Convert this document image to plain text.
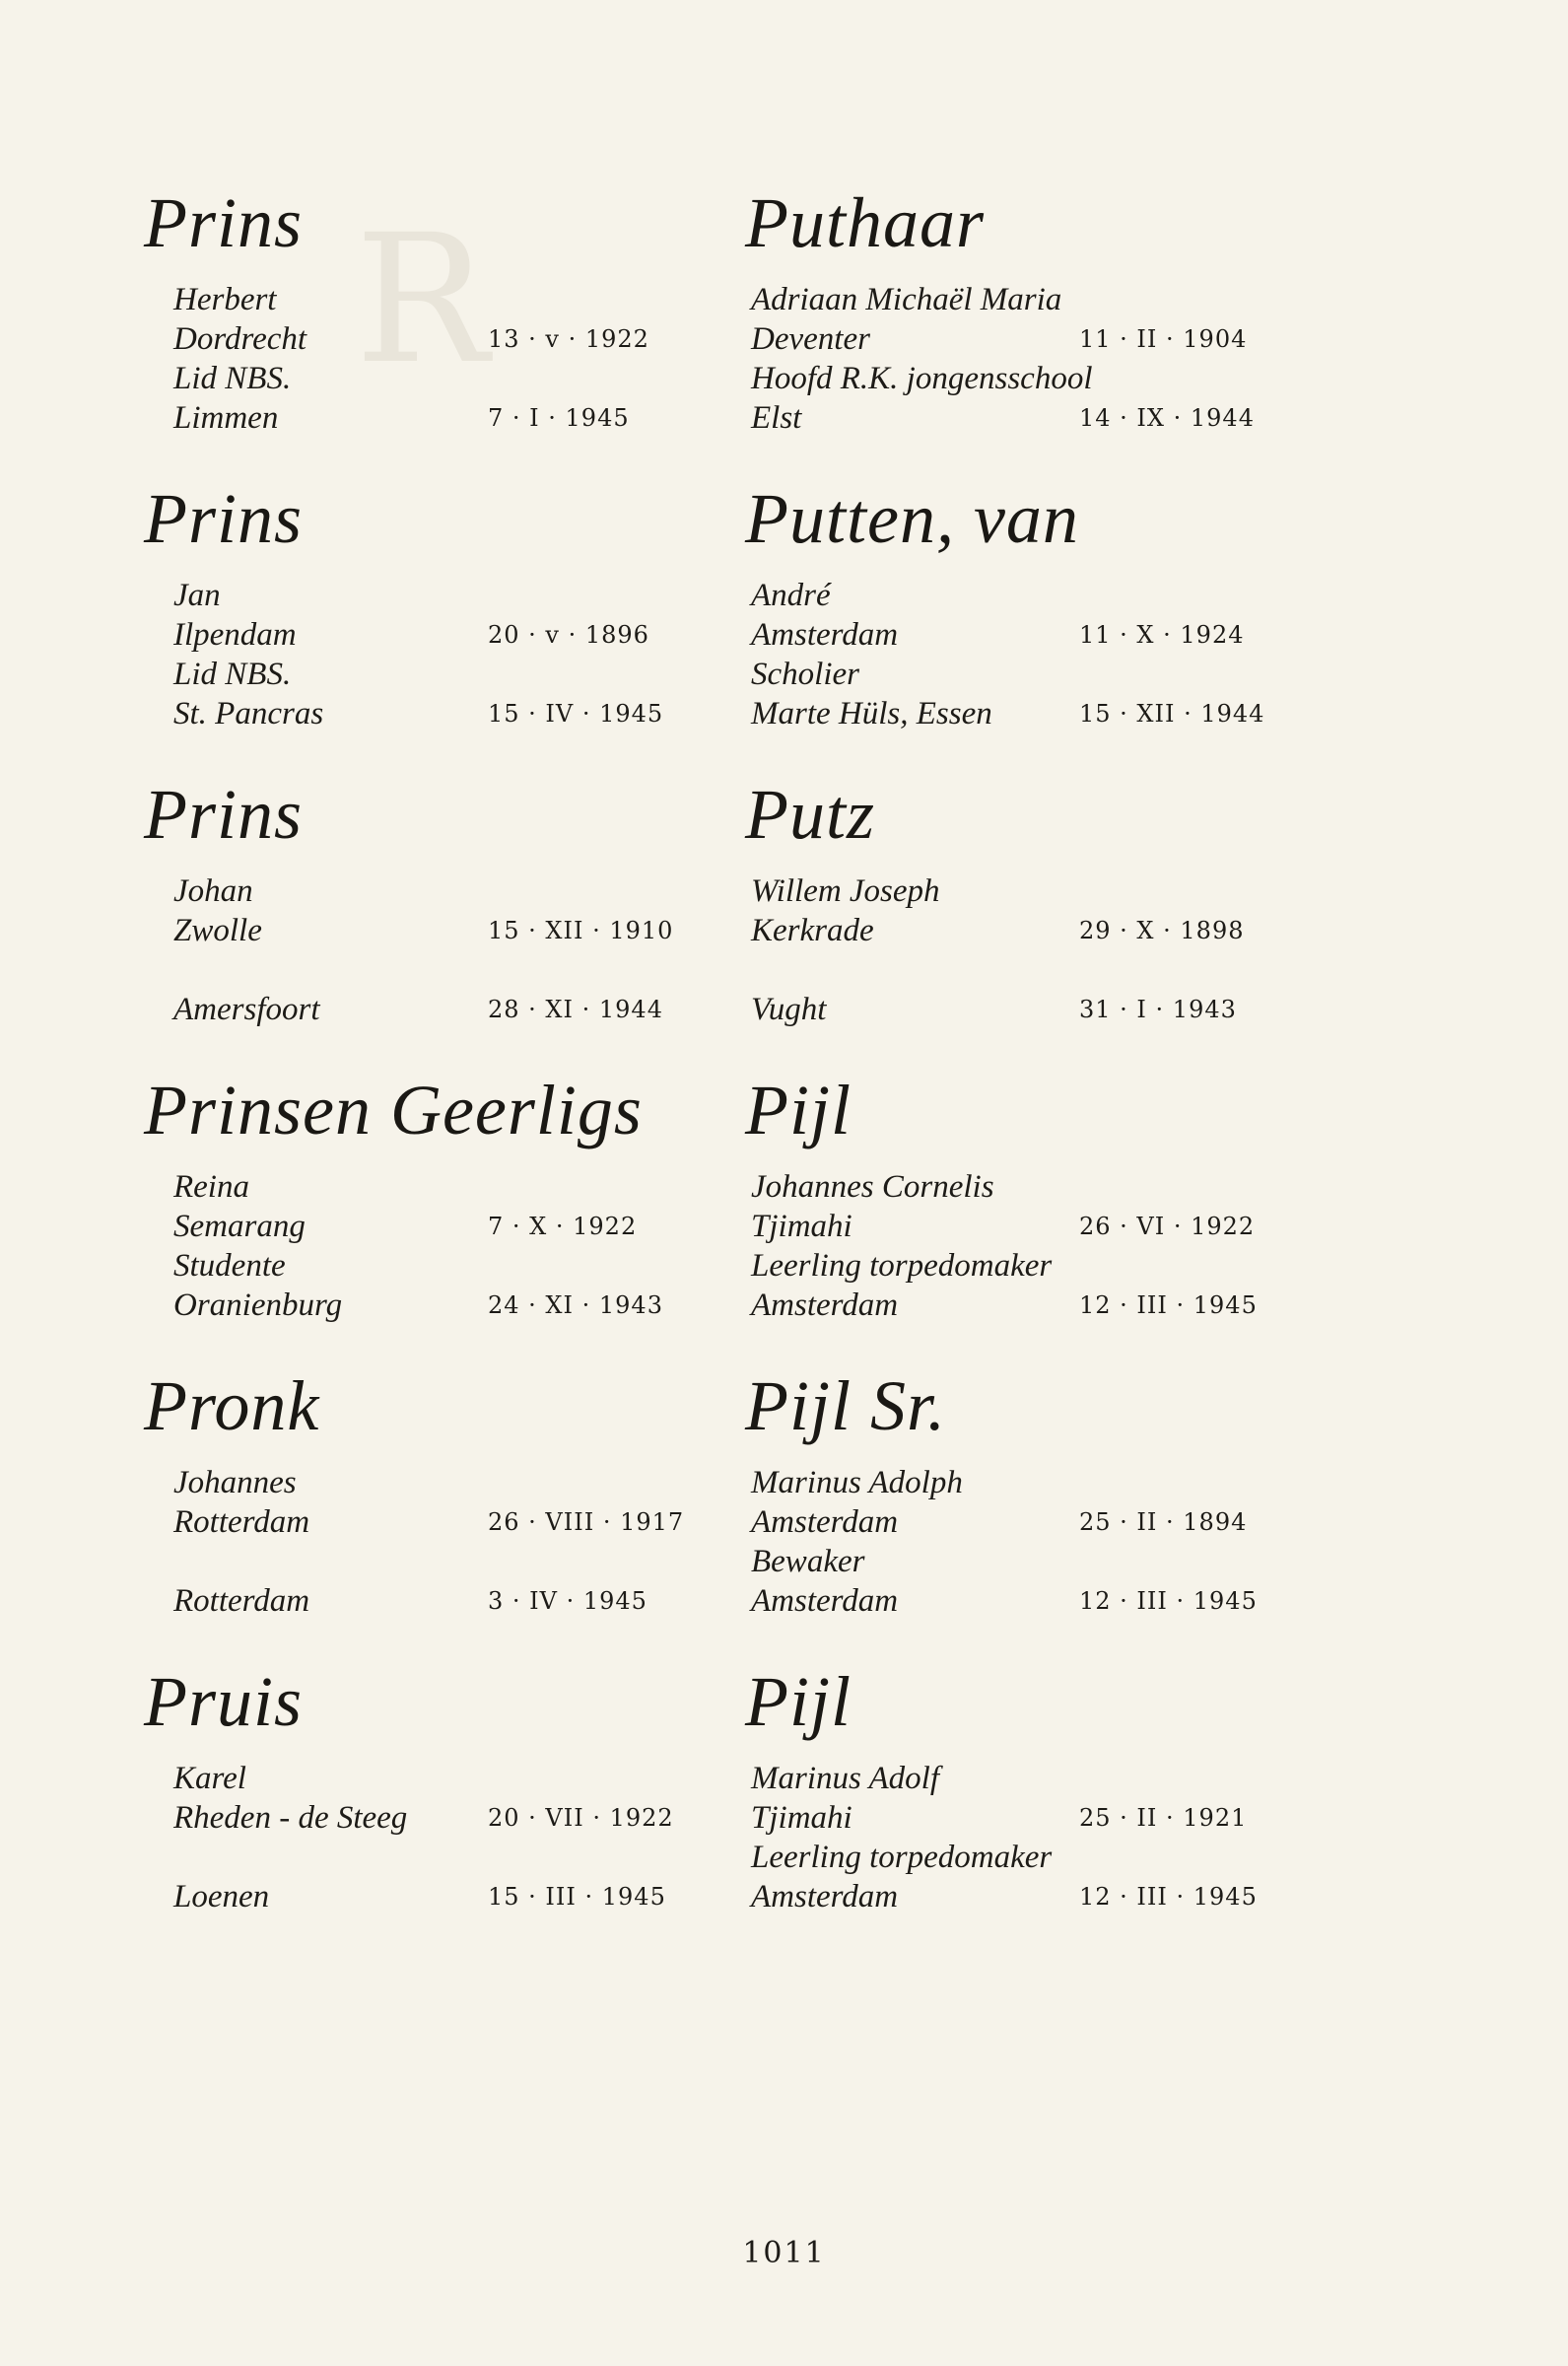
R
Prins
Herbert
Dordrecht	13 · v · 1922
Lid NBS.
Limmen	7 · I · 1945
Prins
Jan
Ilpendam	20 · v · 1896
Lid NBS.
St. Pancras	15 · IV · 1945
Prins
Johan
Zwolle	15 · XII · 1910
Amersfoort	28 · XI · 1944
Prinsen Geerligs
Reina
Semarang	7 · X · 1922
Studente
Oranienburg	24 · XI · 1943
Pronk
Johannes
Rotterdam	26 · VIII · 1917
Rotterdam	3 · IV · 1945
Pruis
Karel
Rheden - de Steeg	20 · VII · 1922
Loenen	15 · III · 1945
Puthaar
Adriaan Michaël Maria
Deventer	11 · II · 1904
Hoofd R.K. jongensschool
Elst	14 · IX · 1944
Putten, van
André
Amsterdam	11 · X · 1924
Scholier
Marte Hüls, Essen	15 · XII · 1944
Putz
Willem Joseph
Kerkrade	29 · X · 1898
Vught	31 · I · 1943
Pijl
Johannes Cornelis
Tjimahi	26 · VI · 1922
Leerling torpedomaker
Amsterdam	12 · III · 1945
Pijl Sr.
Marinus Adolph
Amsterdam	25 · II · 1894
Bewaker
Amsterdam	12 · III · 1945
Pijl
Marinus Adolf
Tjimahi	25 · II · 1921
Leerling torpedomaker
Amsterdam	12 · III · 1945
1011
